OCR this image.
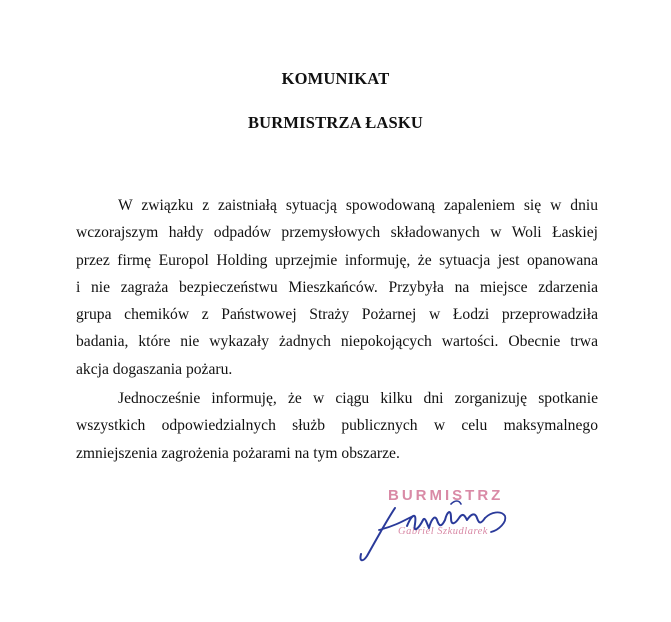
KOMUNIKAT
BURMISTRZA ŁASKU
W związku z zaistniałą sytuacją spowodowaną zapaleniem się w dniu
wczorajszym hałdy odpadów przemysłowych składowanych w Woli Łaskiej
przez firmę Europol Holding uprzejmie informuję, że sytuacja jest opanowana
i nie zagraża bezpieczeństwu Mieszkańców. Przybyła na miejsce zdarzenia
grupa chemików z Państwowej Straży Pożarnej w Łodzi przeprowadziła
badania, które nie wykazały żadnych niepokojących wartości. Obecnie trwa
akcja dogaszania pożaru.
Jednocześnie informuję, że w ciągu kilku dni zorganizuję spotkanie
wszystkich odpowiedzialnych służb publicznych w celu maksymalnego
zmniejszenia zagrożenia pożarami na tym obszarze.
BURMISTRZ
Gabriel Szkudlarek
